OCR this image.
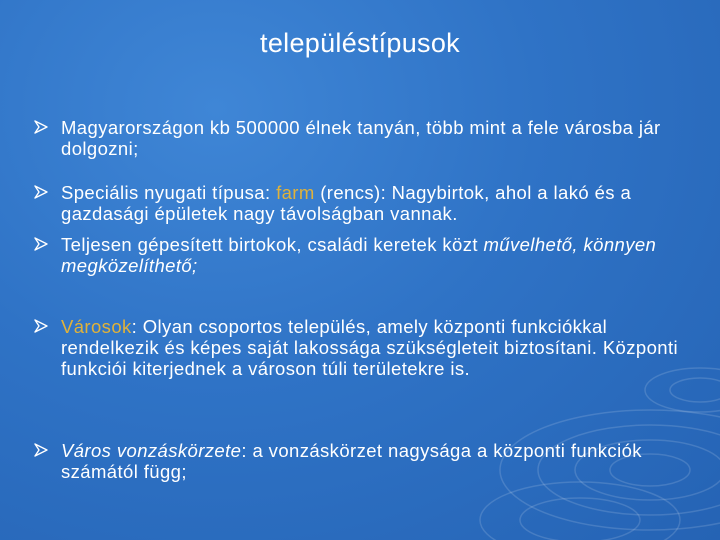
településtípusok
Magyarországon kb 500000 élnek tanyán, több mint a fele városba jár dolgozni;
Speciális nyugati típusa: farm (rencs): Nagybirtok, ahol a lakó és a gazdasági épületek nagy távolságban vannak.
Teljesen gépesített birtokok, családi keretek közt művelhető, könnyen megközelíthető;
Városok: Olyan csoportos település, amely központi funkciókkal rendelkezik és képes saját lakossága szükségleteit biztosítani. Központi funkciói kiterjednek a városon túli területekre is.
Város vonzáskörzete: a vonzáskörzet nagysága a központi funkciók számától függ;
